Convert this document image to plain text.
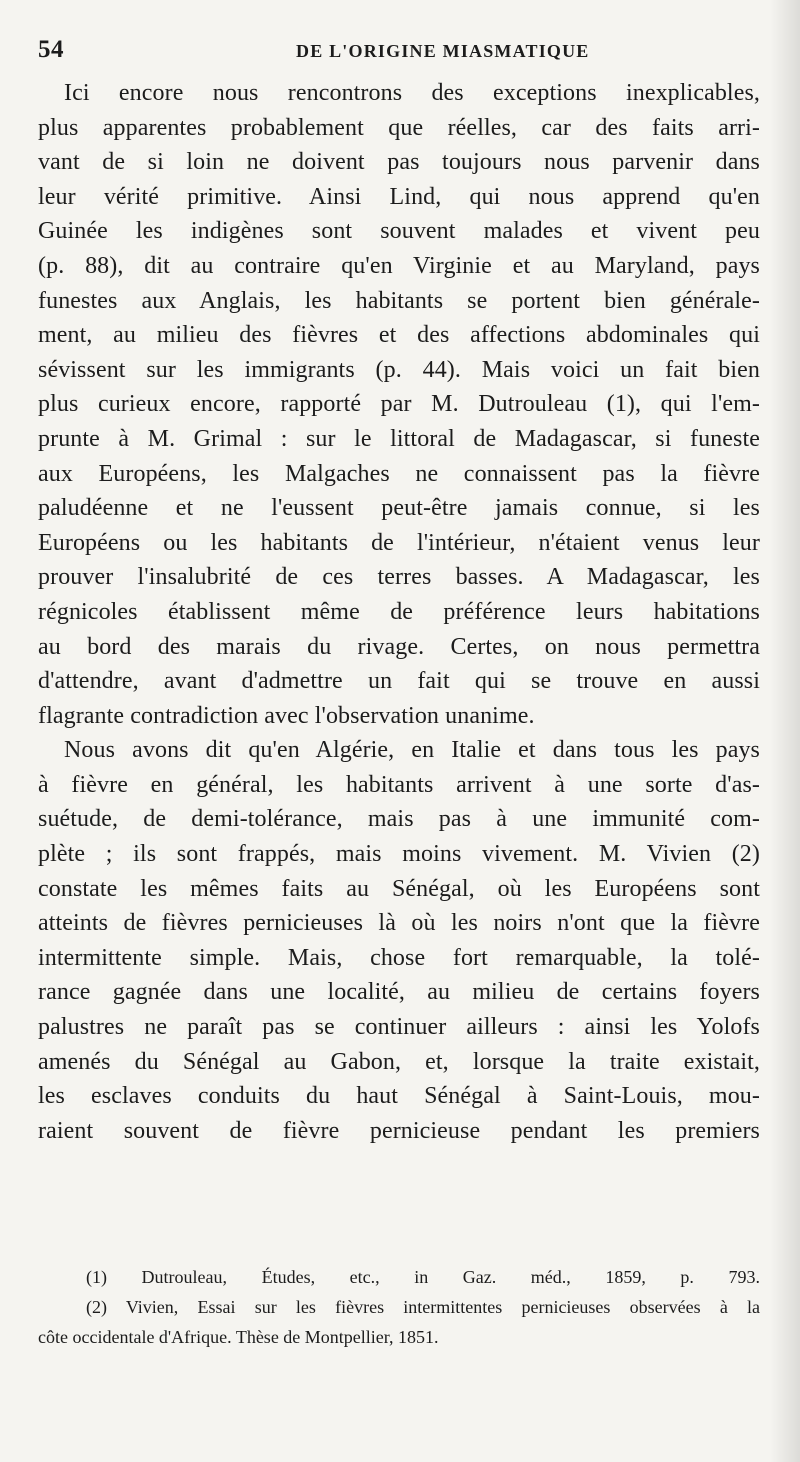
54	DE L'ORIGINE MIASMATIQUE
Ici encore nous rencontrons des exceptions inexplicables,
plus apparentes probablement que réelles, car des faits arri-
vant de si loin ne doivent pas toujours nous parvenir dans
leur vérité primitive. Ainsi Lind, qui nous apprend qu'en
Guinée les indigènes sont souvent malades et vivent peu
(p. 88), dit au contraire qu'en Virginie et au Maryland, pays
funestes aux Anglais, les habitants se portent bien générale-
ment, au milieu des fièvres et des affections abdominales qui
sévissent sur les immigrants (p. 44). Mais voici un fait bien
plus curieux encore, rapporté par M. Dutrouleau (1), qui l'em-
prunte à M. Grimal : sur le littoral de Madagascar, si funeste
aux Européens, les Malgaches ne connaissent pas la fièvre
paludéenne et ne l'eussent peut-être jamais connue, si les
Européens ou les habitants de l'intérieur, n'étaient venus leur
prouver l'insalubrité de ces terres basses. A Madagascar, les
régnicoles établissent même de préférence leurs habitations
au bord des marais du rivage. Certes, on nous permettra
d'attendre, avant d'admettre un fait qui se trouve en aussi
flagrante contradiction avec l'observation unanime.
Nous avons dit qu'en Algérie, en Italie et dans tous les pays
à fièvre en général, les habitants arrivent à une sorte d'as-
suétude, de demi-tolérance, mais pas à une immunité com-
plète ; ils sont frappés, mais moins vivement. M. Vivien (2)
constate les mêmes faits au Sénégal, où les Européens sont
atteints de fièvres pernicieuses là où les noirs n'ont que la fièvre
intermittente simple. Mais, chose fort remarquable, la tolé-
rance gagnée dans une localité, au milieu de certains foyers
palustres ne paraît pas se continuer ailleurs : ainsi les Yolofs
amenés du Sénégal au Gabon, et, lorsque la traite existait,
les esclaves conduits du haut Sénégal à Saint-Louis, mou-
raient souvent de fièvre pernicieuse pendant les premiers
(1) Dutrouleau, Études, etc., in Gaz. méd., 1859, p. 793.
(2) Vivien, Essai sur les fièvres intermittentes pernicieuses observées à la
côte occidentale d'Afrique. Thèse de Montpellier, 1851.
